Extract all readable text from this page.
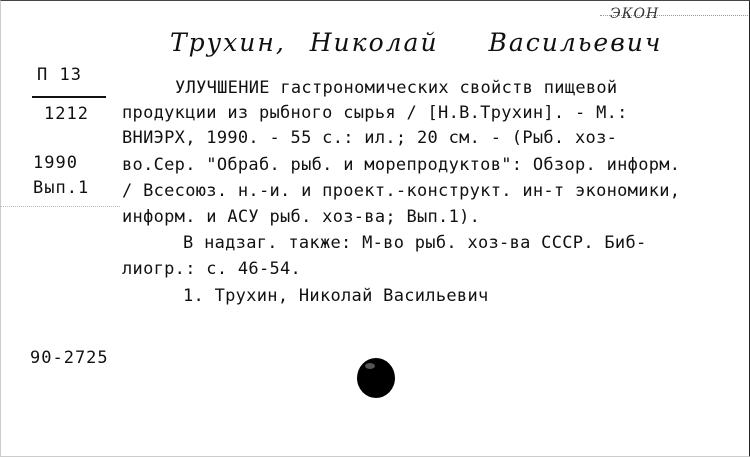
ЭКОН
Трухин, Николай Васильевич
П 13
1212
1990
Вып.1
УЛУЧШЕНИЕ гастрономических свойств пищевой
продукции из рыбного сырья / [Н.В.Трухин]. - М.:
ВНИЭРХ, 1990. - 55 с.: ил.; 20 см. - (Рыб. хоз-
во.Сер. "Обраб. рыб. и морепродуктов": Обзор. информ.
/ Всесоюз. н.-и. и проект.-конструкт. ин-т экономики,
информ. и АСУ рыб. хоз-ва; Вып.1).
В надзаг. также: М-во рыб. хоз-ва СССР. Биб-
лиогр.: с. 46-54.
1. Трухин, Николай Васильевич
90-2725
